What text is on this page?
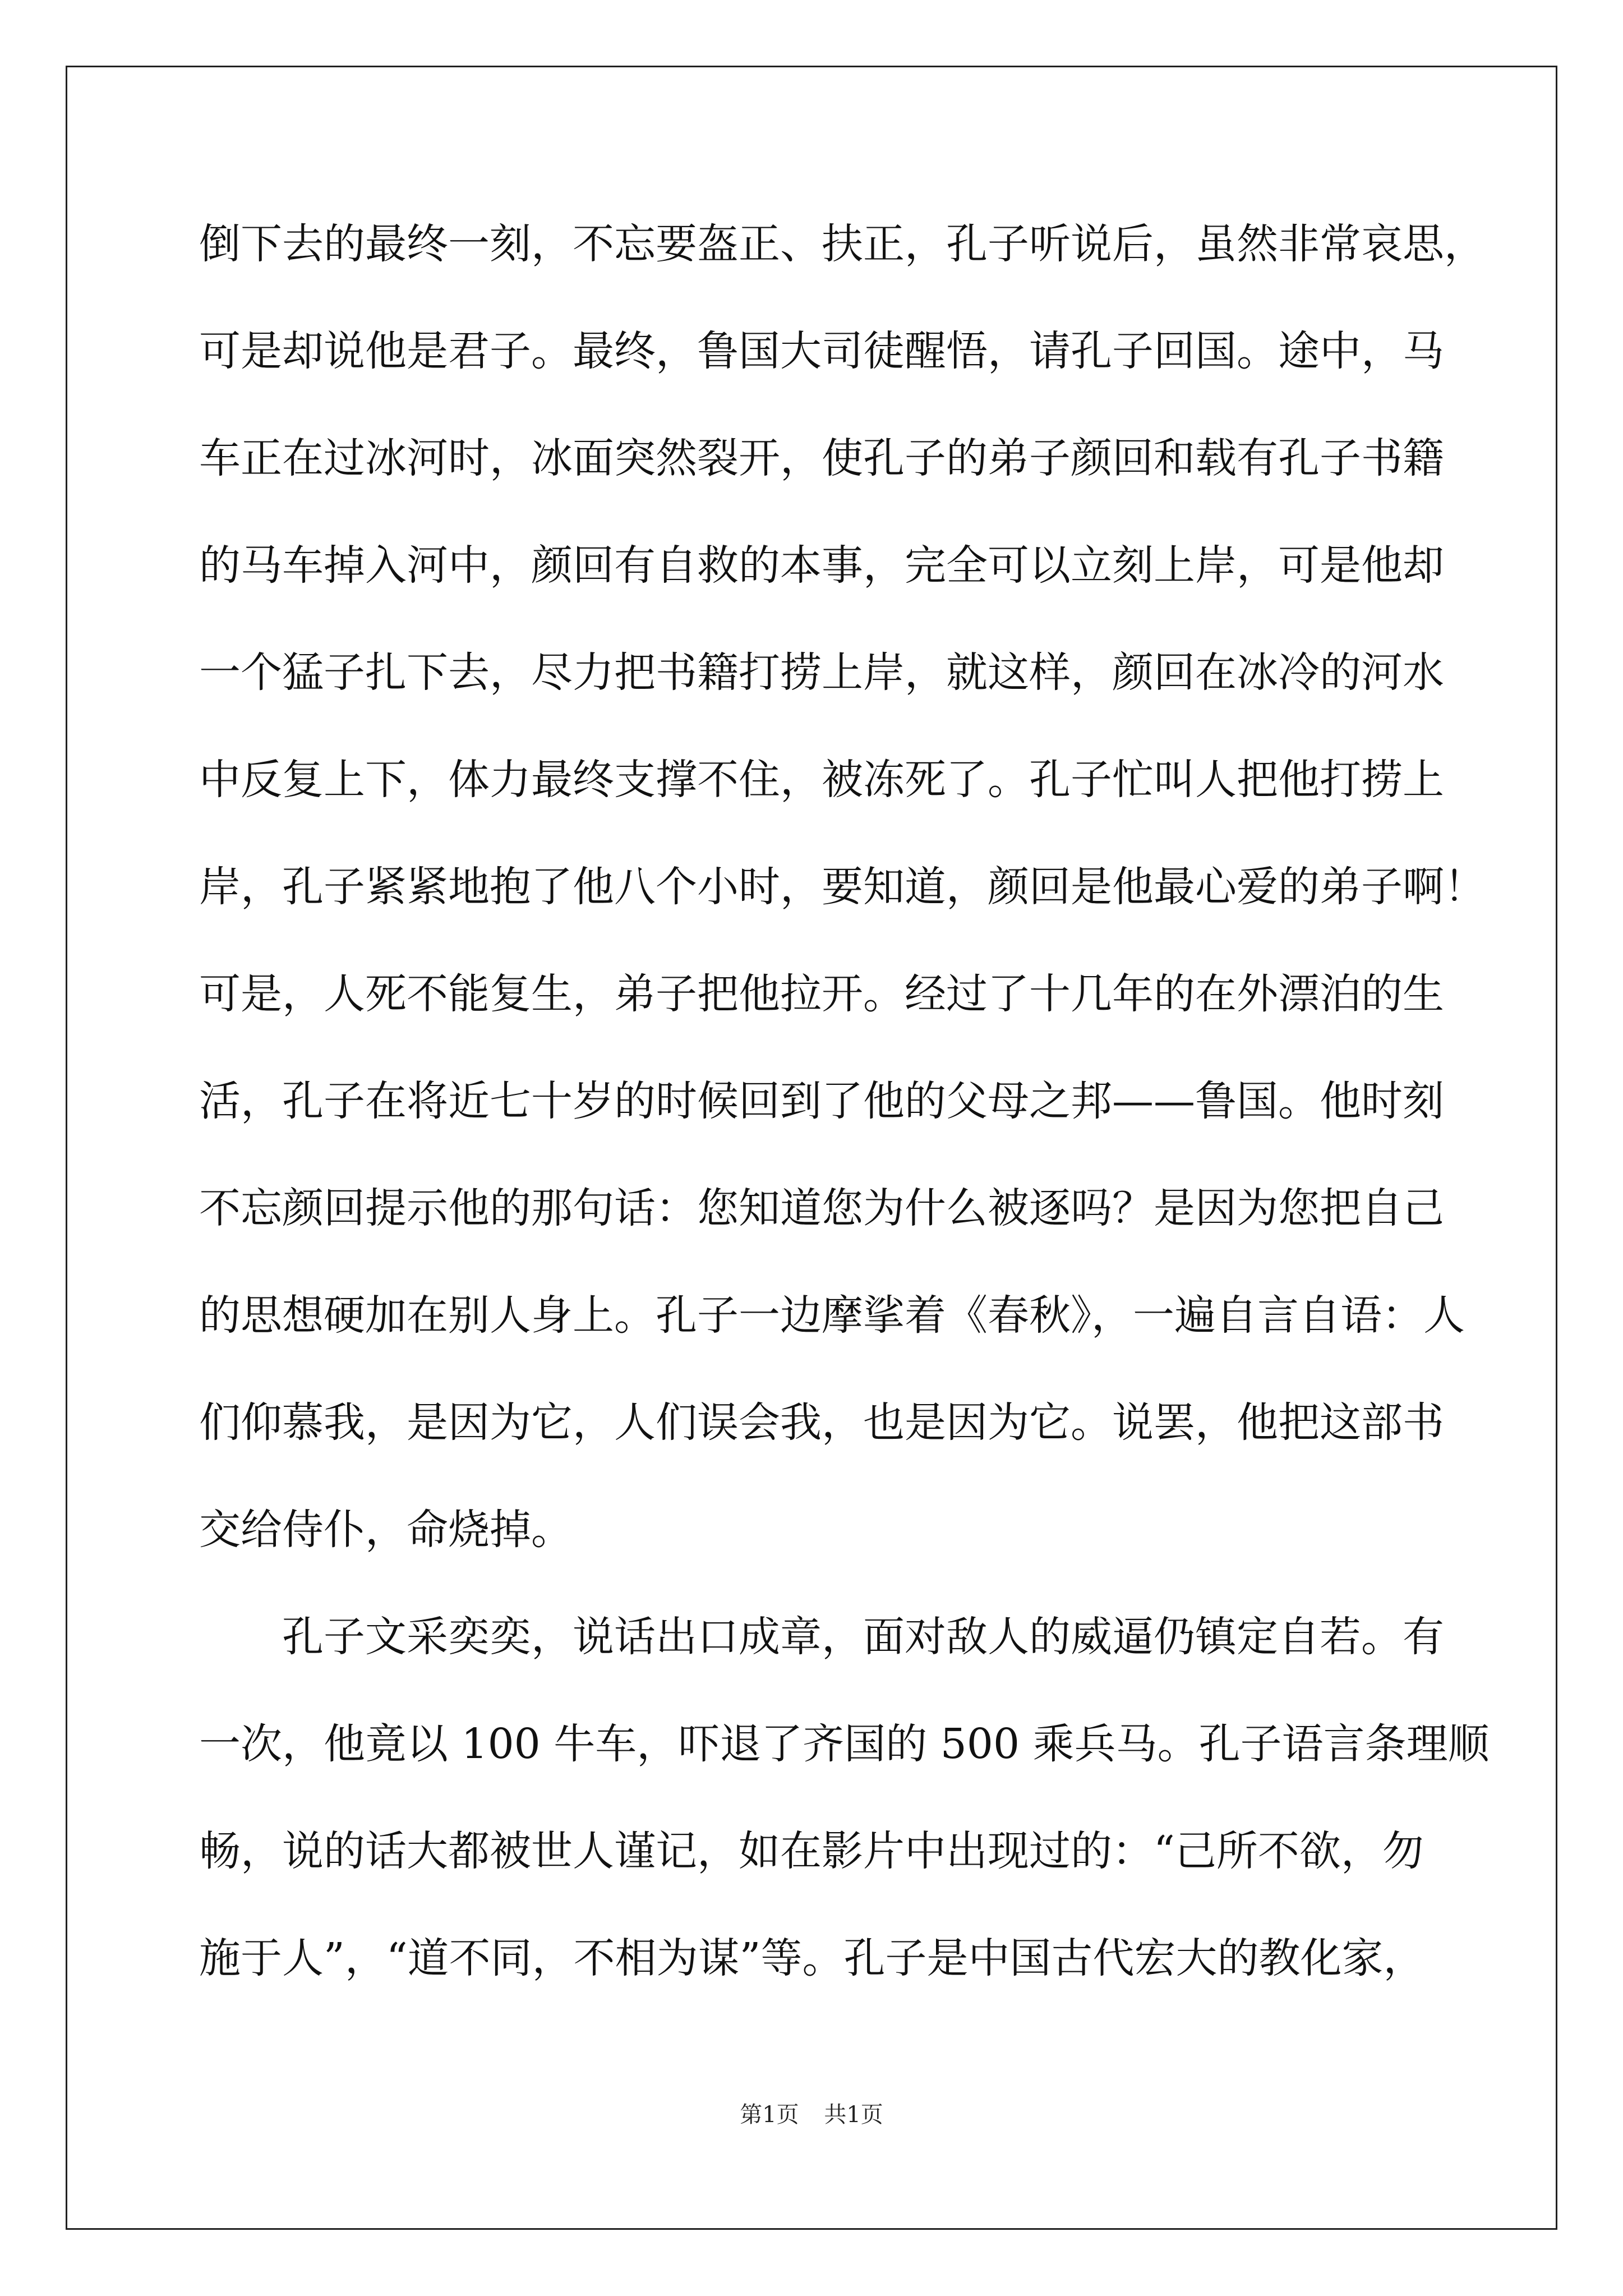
倒下去的最终一刻，不忘要盔正、扶正，孔子听说后，虽然非常哀思，
可是却说他是君子。最终，鲁国大司徒醒悟，请孔子回国。途中，马
车正在过冰河时，冰面突然裂开，使孔子的弟子颜回和载有孔子书籍
的马车掉入河中，颜回有自救的本事，完全可以立刻上岸，可是他却
一个猛子扎下去，尽力把书籍打捞上岸，就这样，颜回在冰冷的河水
中反复上下，体力最终支撑不住，被冻死了。孔子忙叫人把他打捞上
岸，孔子紧紧地抱了他八个小时，要知道，颜回是他最心爱的弟子啊！
可是，人死不能复生，弟子把他拉开。经过了十几年的在外漂泊的生
活，孔子在将近七十岁的时候回到了他的父母之邦——鲁国。他时刻
不忘颜回提示他的那句话：您知道您为什么被逐吗？是因为您把自己
的思想硬加在别人身上。孔子一边摩挲着《春秋》，一遍自言自语：人
们仰慕我，是因为它，人们误会我，也是因为它。说罢，他把这部书
交给侍仆，命烧掉。
孔子文采奕奕，说话出口成章，面对敌人的威逼仍镇定自若。有
一次，他竟以 100 牛车，吓退了齐国的 500 乘兵马。孔子语言条理顺
畅，说的话大都被世人谨记，如在影片中出现过的：“己所不欲，勿
施于人”，“道不同，不相为谋”等。孔子是中国古代宏大的教化家，
第1页 共1页
